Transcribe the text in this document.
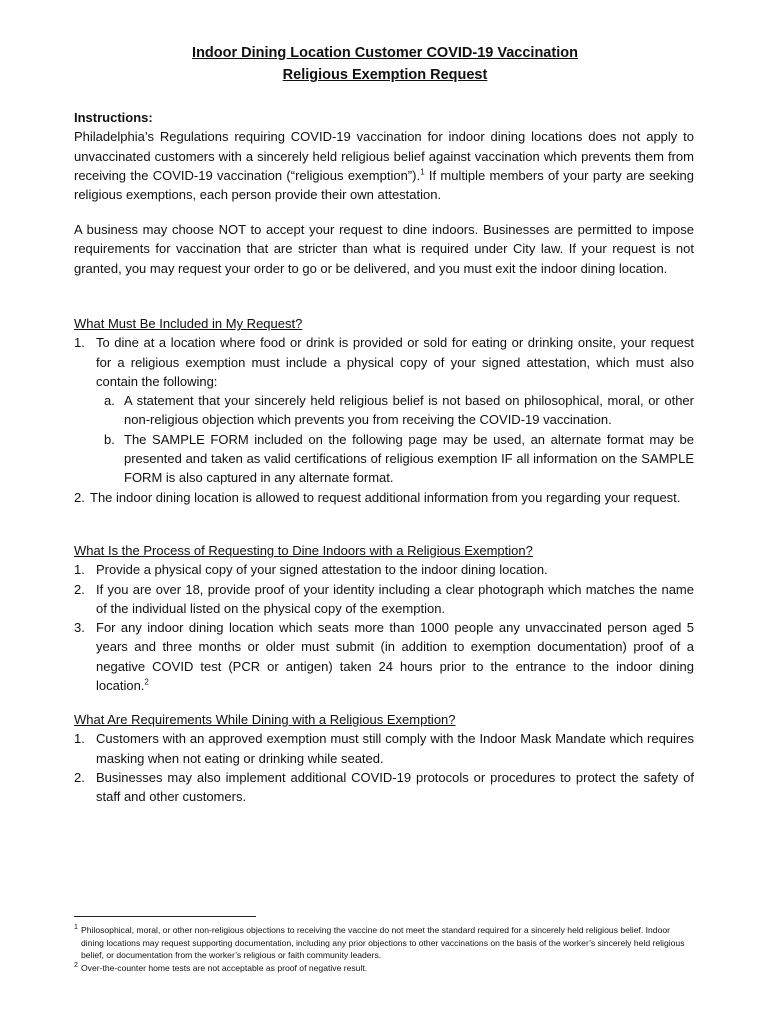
Indoor Dining Location Customer COVID-19 Vaccination
Religious Exemption Request
Instructions:
Philadelphia’s Regulations requiring COVID-19 vaccination for indoor dining locations does not apply to unvaccinated customers with a sincerely held religious belief against vaccination which prevents them from receiving the COVID-19 vaccination (“religious exemption”).$^1$ If multiple members of your party are seeking religious exemptions, each person provide their own attestation.
A business may choose NOT to accept your request to dine indoors. Businesses are permitted to impose requirements for vaccination that are stricter than what is required under City law. If your request is not granted, you may request your order to go or be delivered, and you must exit the indoor dining location.
What Must Be Included in My Request?
1. To dine at a location where food or drink is provided or sold for eating or drinking onsite, your request for a religious exemption must include a physical copy of your signed attestation, which must also contain the following:
a. A statement that your sincerely held religious belief is not based on philosophical, moral, or other non-religious objection which prevents you from receiving the COVID-19 vaccination.
b. The SAMPLE FORM included on the following page may be used, an alternate format may be presented and taken as valid certifications of religious exemption IF all information on the SAMPLE FORM is also captured in any alternate format.
2. The indoor dining location is allowed to request additional information from you regarding your request.
What Is the Process of Requesting to Dine Indoors with a Religious Exemption?
1. Provide a physical copy of your signed attestation to the indoor dining location.
2. If you are over 18, provide proof of your identity including a clear photograph which matches the name of the individual listed on the physical copy of the exemption.
3. For any indoor dining location which seats more than 1000 people any unvaccinated person aged 5 years and three months or older must submit (in addition to exemption documentation) proof of a negative COVID test (PCR or antigen) taken 24 hours prior to the entrance to the indoor dining location.$^2$
What Are Requirements While Dining with a Religious Exemption?
1. Customers with an approved exemption must still comply with the Indoor Mask Mandate which requires masking when not eating or drinking while seated.
2. Businesses may also implement additional COVID-19 protocols or procedures to protect the safety of staff and other customers.
1 Philosophical, moral, or other non-religious objections to receiving the vaccine do not meet the standard required for a sincerely held religious belief. Indoor dining locations may request supporting documentation, including any prior objections to other vaccinations on the basis of the worker’s sincerely held religious belief, or documentation from the worker’s religious or faith community leaders.
2 Over-the-counter home tests are not acceptable as proof of negative result.
